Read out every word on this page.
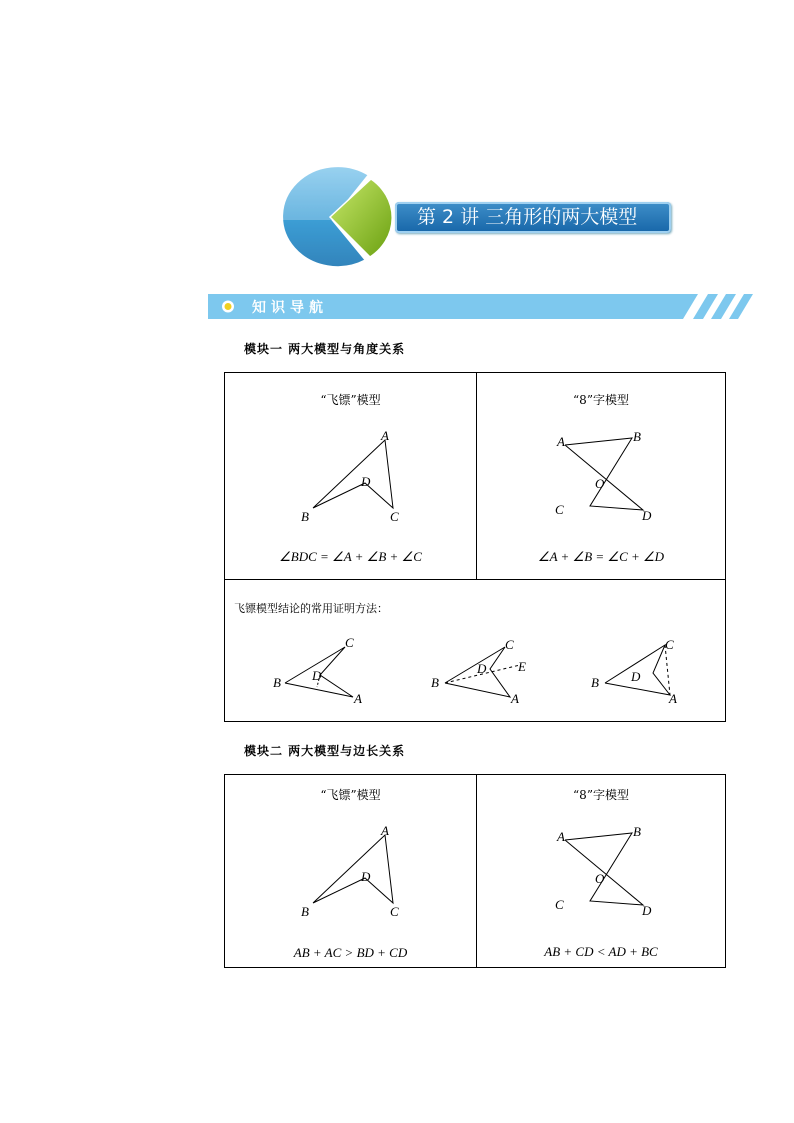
第 2 讲 三角形的两大模型
知识导航
模块一 两大模型与角度关系
“飞镖”模型	“8”字模型
A
B	C
D
A	B
C	D
O
∠BDC = ∠A + ∠B + ∠C	∠A + ∠B = ∠C + ∠D
飞镖模型结论的常用证明方法：
C
B
A
D
C
B
A
D E
C
B
A
D
模块二 两大模型与边长关系
“飞镖”模型	“8”字模型
A
B	C
D
A	B
C	D
O
AB + AC > BD + CD	AB + CD < AD + BC
